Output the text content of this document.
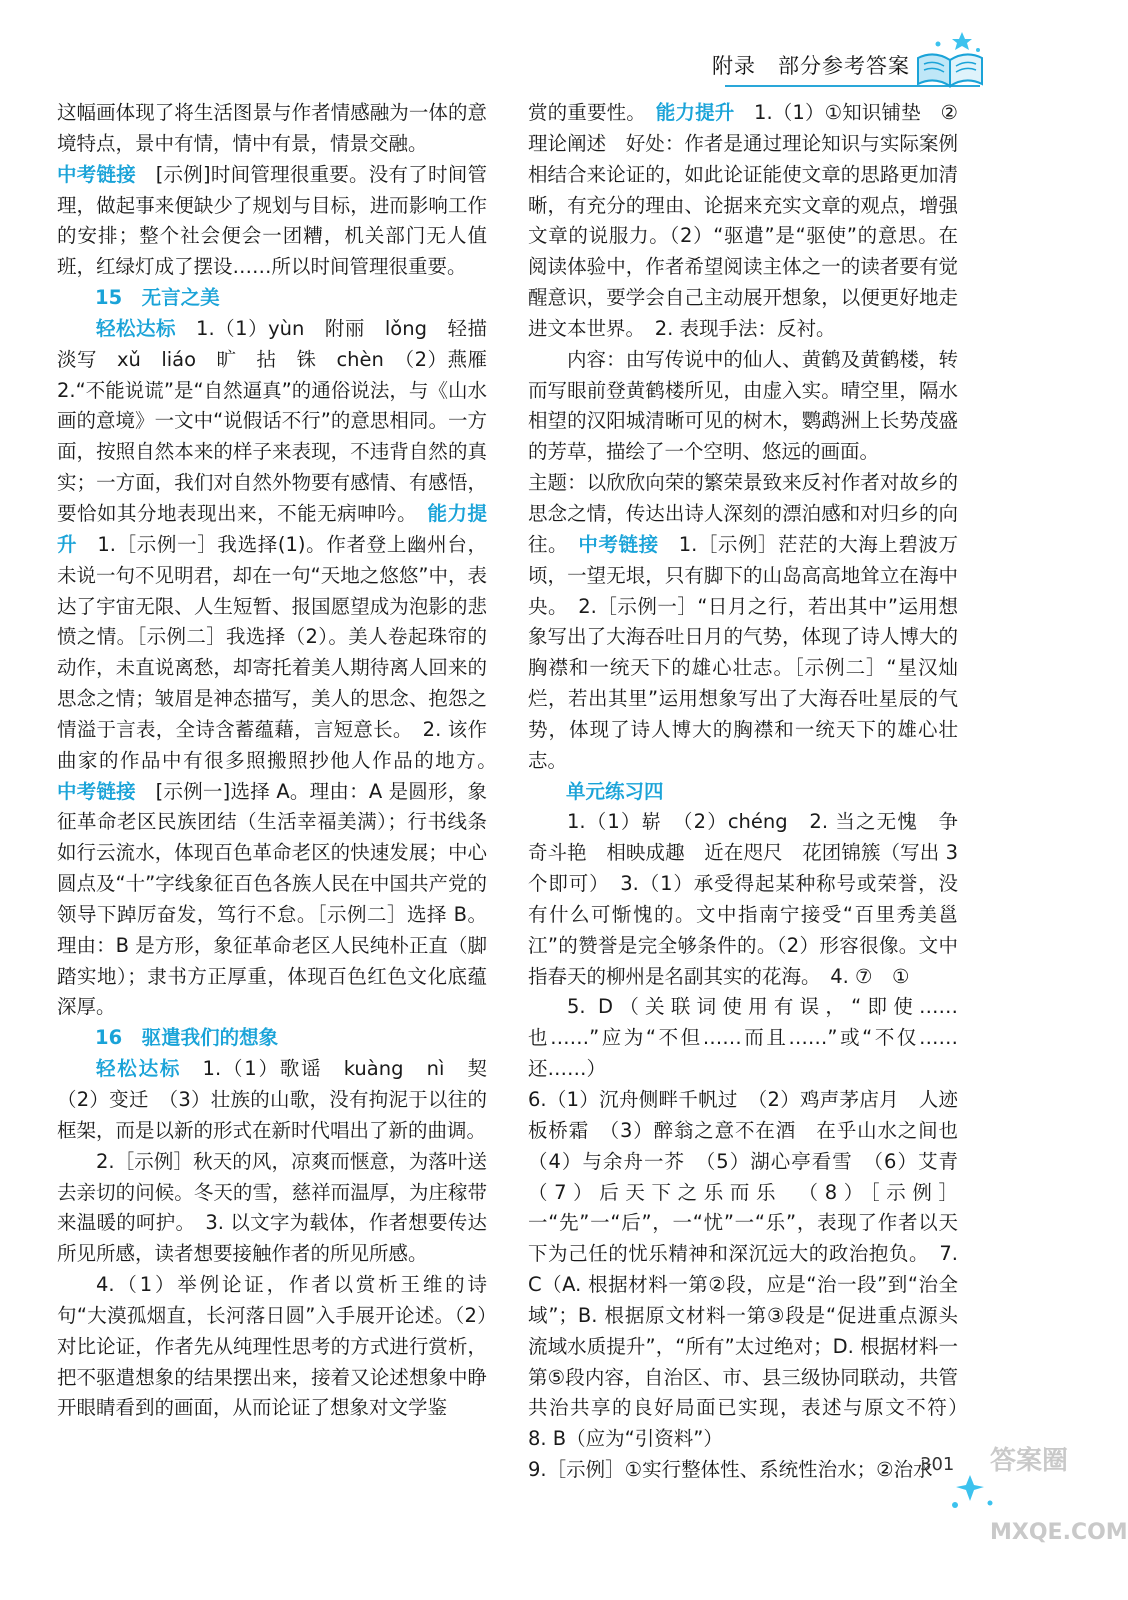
附录　部分参考答案

这幅画体现了将生活图景与作者情感融为一体的意境特点，景中有情，情中有景，情景交融。

中考链接　[示例]时间管理很重要。没有了时间管理，做起事来便缺少了规划与目标，进而影响工作的安排；整个社会便会一团糟，机关部门无人值班，红绿灯成了摆设……所以时间管理很重要。

15　无言之美

轻松达标　1.（1）yùn　附丽　lǒng　轻描淡写　xǔ　liáo　旷　拈　铢　chèn　（2）燕雁　2.“不能说谎”是“自然逼真”的通俗说法，与《山水画的意境》一文中“说假话不行”的意思相同。一方面，按照自然本来的样子来表现，不违背自然的真实；一方面，我们对自然外物要有感情、有感悟，要恰如其分地表现出来，不能无病呻吟。　 能力提升　1.［示例一］我选择(1)。作者登上幽州台，未说一句不见明君，却在一句“天地之悠悠”中，表达了宇宙无限、人生短暂、报国愿望成为泡影的悲愤之情。［示例二］我选择（2）。美人卷起珠帘的动作，未直说离愁，却寄托着美人期待离人回来的思念之情；皱眉是神态描写，美人的思念、抱怨之情溢于言表，全诗含蓄蕴藉，言短意长。　2. 该作曲家的作品中有很多照搬照抄他人作品的地方。　中考链接　[示例一]选择 A。理由：A 是圆形，象征革命老区民族团结（生活幸福美满）；行书线条如行云流水，体现百色革命老区的快速发展；中心圆点及“十”字线象征百色各族人民在中国共产党的领导下踔厉奋发，笃行不怠。［示例二］选择 B。理由：B 是方形，象征革命老区人民纯朴正直（脚踏实地）；隶书方正厚重，体现百色红色文化底蕴深厚。

16　驱遣我们的想象

轻松达标　1.（1）歌谣　kuàng　nì　契（2）变迁　（3）壮族的山歌，没有拘泥于以往的框架，而是以新的形式在新时代唱出了新的曲调。

2.［示例］秋天的风，凉爽而惬意，为落叶送去亲切的问候。冬天的雪，慈祥而温厚，为庄稼带来温暖的呵护。　3. 以文字为载体，作者想要传达所见所感，读者想要接触作者的所见所感。

4.（1）举例论证，作者以赏析王维的诗句“大漠孤烟直，长河落日圆”入手展开论述。（2）对比论证，作者先从纯理性思考的方式进行赏析，把不驱遣想象的结果摆出来，接着又论述想象中睁开眼睛看到的画面，从而论证了想象对文学鉴

赏的重要性。　 能力提升　1.（1）①知识铺垫　②理论阐述　好处：作者是通过理论知识与实际案例相结合来论证的，如此论证能使文章的思路更加清晰，有充分的理由、论据来充实文章的观点，增强文章的说服力。（2）“驱遣”是“驱使”的意思。在阅读体验中，作者希望阅读主体之一的读者要有觉醒意识，要学会自己主动展开想象，以便更好地走进文本世界。　2. 表现手法：反衬。

内容：由写传说中的仙人、黄鹤及黄鹤楼，转而写眼前登黄鹤楼所见，由虚入实。晴空里，隔水相望的汉阳城清晰可见的树木，鹦鹉洲上长势茂盛的芳草，描绘了一个空明、悠远的画面。

主题：以欣欣向荣的繁荣景致来反衬作者对故乡的思念之情，传达出诗人深刻的漂泊感和对归乡的向往。　 中考链接　1.［示例］茫茫的大海上碧波万顷，一望无垠，只有脚下的山岛高高地耸立在海中央。　2.［示例一］“日月之行，若出其中”运用想象写出了大海吞吐日月的气势，体现了诗人博大的胸襟和一统天下的雄心壮志。［示例二］“星汉灿烂，若出其里”运用想象写出了大海吞吐星辰的气势，体现了诗人博大的胸襟和一统天下的雄心壮志。

单元练习四

1.（1）崭　（2）chéng　2. 当之无愧　争奇斗艳　相映成趣　近在咫尺　花团锦簇（写出 3 个即可）　3.（1）承受得起某种称号或荣誉，没有什么可惭愧的。文中指南宁接受“百里秀美邕江”的赞誉是完全够条件的。（2）形容很像。文中指春天的柳州是名副其实的花海。　4. ⑦　①

5. D（关联词使用有误，“即使……也……”应为“不但……而且……”或“不仅……还……）

6.（1）沉舟侧畔千帆过　（2）鸡声茅店月　人迹板桥霜　（3）醉翁之意不在酒　在乎山水之间也　（4）与余舟一芥　（5）湖心亭看雪　（6）艾青　（7）后天下之乐而乐　（8）［示例］一“先”一“后”，一“忧”一“乐”，表现了作者以天下为己任的忧乐精神和深沉远大的政治抱负。　7. C（A. 根据材料一第②段，应是“治一段”到“治全域”；B. 根据原文材料一第③段是“促进重点源头流域水质提升”，“所有”太过绝对；D. 根据材料一第⑤段内容，自治区、市、县三级协同联动，共管共治共享的良好局面已实现，表述与原文不符）　8. B（应为“引资料”）

9.［示例］①实行整体性、系统性治水；②治水

301 答案圈
MXQE.COM
